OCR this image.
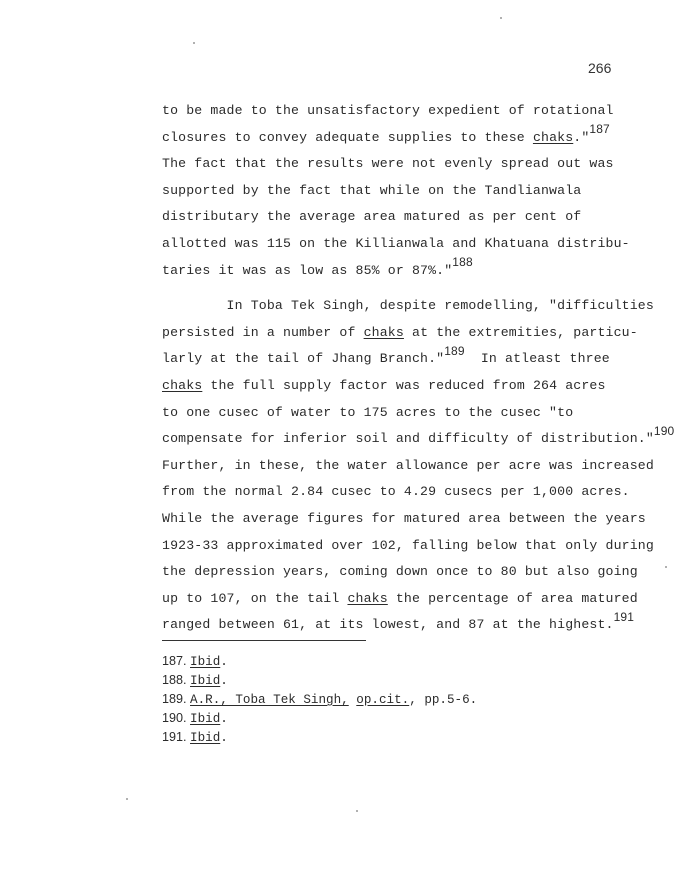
266
to be made to the unsatisfactory expedient of rotational
closures to convey adequate supplies to these chaks."$^{187}$
The fact that the results were not evenly spread out was
supported by the fact that while on the Tandlianwala
distributary the average area matured as per cent of
allotted was 115 on the Killianwala and Khatuana distribu-
taries it was as low as 85% or 87%."$^{188}$
In Toba Tek Singh, despite remodelling, "difficulties
persisted in a number of chaks at the extremities, particu-
larly at the tail of Jhang Branch."$^{189}$  In atleast three
chaks the full supply factor was reduced from 264 acres
to one cusec of water to 175 acres to the cusec "to
compensate for inferior soil and difficulty of distribution."$^{190}$
Further, in these, the water allowance per acre was increased
from the normal 2.84 cusec to 4.29 cusecs per 1,000 acres.
While the average figures for matured area between the years
1923-33 approximated over 102, falling below that only during
the depression years, coming down once to 80 but also going
up to 107, on the tail chaks the percentage of area matured
ranged between 61, at its lowest, and 87 at the highest.$^{191}$
187. Ibid.
188. Ibid.
189. A.R., Toba Tek Singh, op.cit., pp.5-6.
190. Ibid.
191. Ibid.
